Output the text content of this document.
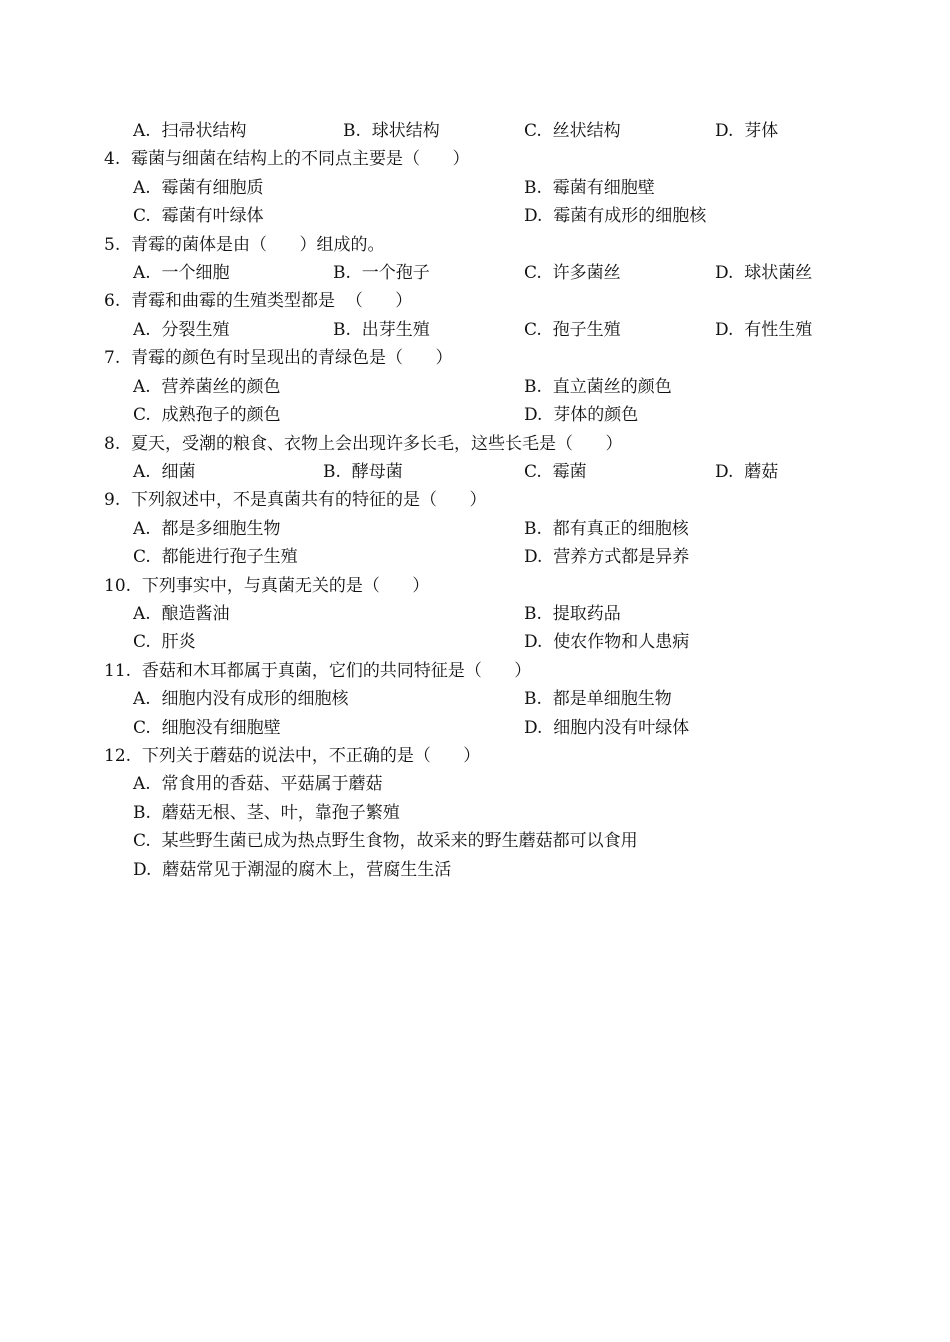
A.  扫帚状结构	B.  球状结构	C.  丝状结构	D.  芽体
4.  霉菌与细菌在结构上的不同点主要是（      ）
A.  霉菌有细胞质	B.  霉菌有细胞壁
C.  霉菌有叶绿体	D.  霉菌有成形的细胞核
5.  青霉的菌体是由（      ）组成的。
A.  一个细胞	B.  一个孢子	C.  许多菌丝	D.  球状菌丝
6.  青霉和曲霉的生殖类型都是  （      ）
A.  分裂生殖	B.  出芽生殖	C.  孢子生殖	D.  有性生殖
7.  青霉的颜色有时呈现出的青绿色是（      ）
A.  营养菌丝的颜色	B.  直立菌丝的颜色
C.  成熟孢子的颜色	D.  芽体的颜色
8.  夏天，受潮的粮食、衣物上会出现许多长毛，这些长毛是（      ）
A.  细菌	B.  酵母菌	C.  霉菌	D.  蘑菇
9.  下列叙述中，不是真菌共有的特征的是（      ）
A.  都是多细胞生物	B.  都有真正的细胞核
C.  都能进行孢子生殖	D.  营养方式都是异养
10.  下列事实中，与真菌无关的是（      ）
A.  酿造酱油	B.  提取药品
C.  肝炎	D.  使农作物和人患病
11.  香菇和木耳都属于真菌，它们的共同特征是（      ）
A.  细胞内没有成形的细胞核	B.  都是单细胞生物
C.  细胞没有细胞壁	D.  细胞内没有叶绿体
12.  下列关于蘑菇的说法中，不正确的是（      ）
A.  常食用的香菇、平菇属于蘑菇
B.  蘑菇无根、茎、叶，靠孢子繁殖
C.  某些野生菌已成为热点野生食物，故采来的野生蘑菇都可以食用
D.  蘑菇常见于潮湿的腐木上，营腐生生活
